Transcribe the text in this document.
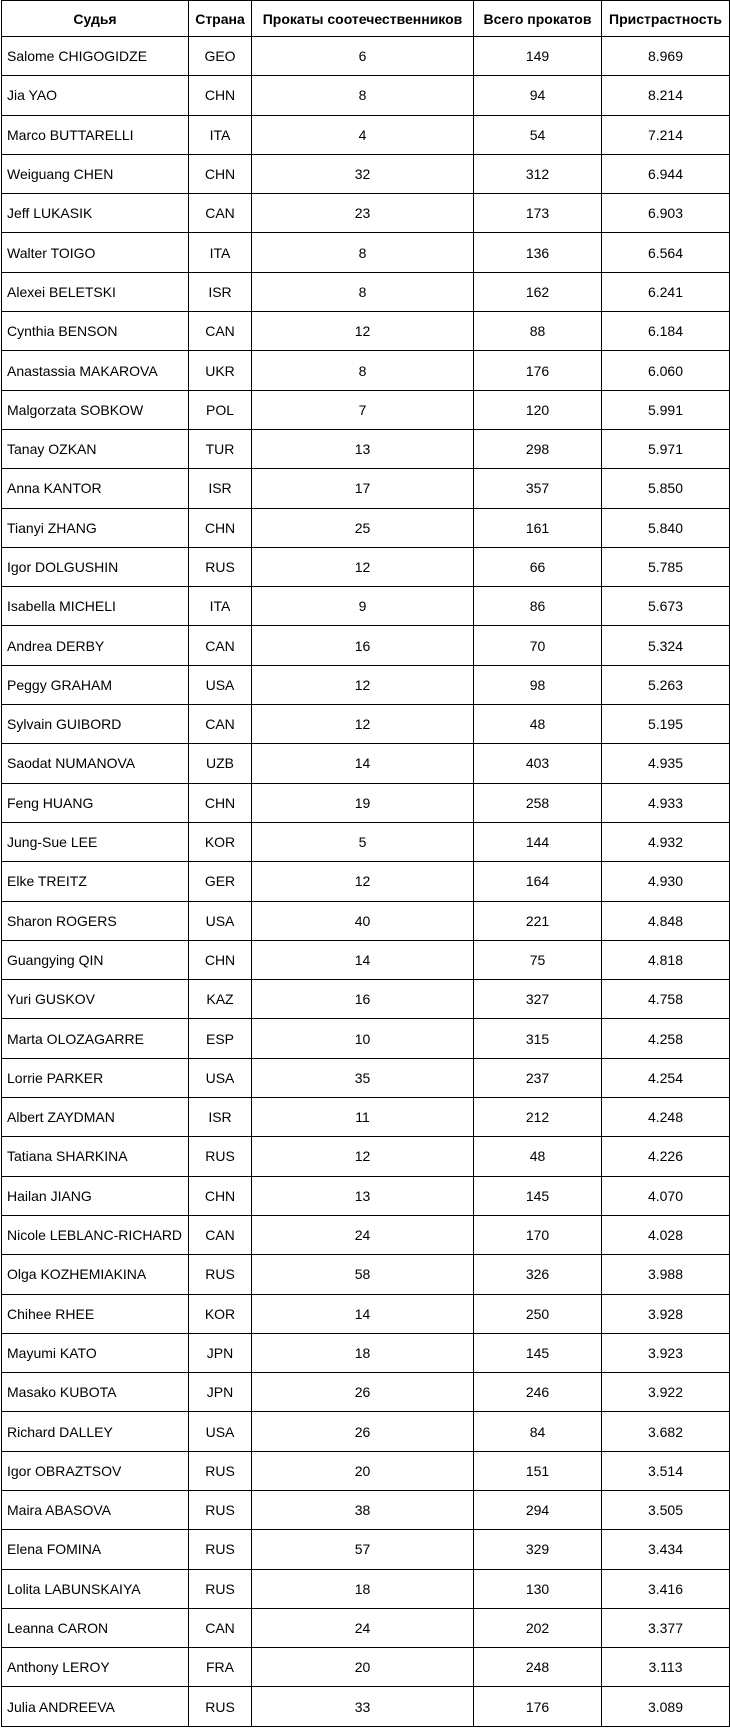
Судья	Страна	Прокаты соотечественников	Всего прокатов	Пристрастность
Salome CHIGOGIDZE	GEO	6	149	8.969
Jia YAO	CHN	8	94	8.214
Marco BUTTARELLI	ITA	4	54	7.214
Weiguang CHEN	CHN	32	312	6.944
Jeff LUKASIK	CAN	23	173	6.903
Walter TOIGO	ITA	8	136	6.564
Alexei BELETSKI	ISR	8	162	6.241
Cynthia BENSON	CAN	12	88	6.184
Anastassia MAKAROVA	UKR	8	176	6.060
Malgorzata SOBKOW	POL	7	120	5.991
Tanay OZKAN	TUR	13	298	5.971
Anna KANTOR	ISR	17	357	5.850
Tianyi ZHANG	CHN	25	161	5.840
Igor DOLGUSHIN	RUS	12	66	5.785
Isabella MICHELI	ITA	9	86	5.673
Andrea DERBY	CAN	16	70	5.324
Peggy GRAHAM	USA	12	98	5.263
Sylvain GUIBORD	CAN	12	48	5.195
Saodat NUMANOVA	UZB	14	403	4.935
Feng HUANG	CHN	19	258	4.933
Jung-Sue LEE	KOR	5	144	4.932
Elke TREITZ	GER	12	164	4.930
Sharon ROGERS	USA	40	221	4.848
Guangying QIN	CHN	14	75	4.818
Yuri GUSKOV	KAZ	16	327	4.758
Marta OLOZAGARRE	ESP	10	315	4.258
Lorrie PARKER	USA	35	237	4.254
Albert ZAYDMAN	ISR	11	212	4.248
Tatiana SHARKINA	RUS	12	48	4.226
Hailan JIANG	CHN	13	145	4.070
Nicole LEBLANC-RICHARD	CAN	24	170	4.028
Olga KOZHEMIAKINA	RUS	58	326	3.988
Chihee RHEE	KOR	14	250	3.928
Mayumi KATO	JPN	18	145	3.923
Masako KUBOTA	JPN	26	246	3.922
Richard DALLEY	USA	26	84	3.682
Igor OBRAZTSOV	RUS	20	151	3.514
Maira ABASOVA	RUS	38	294	3.505
Elena FOMINA	RUS	57	329	3.434
Lolita LABUNSKAIYA	RUS	18	130	3.416
Leanna CARON	CAN	24	202	3.377
Anthony LEROY	FRA	20	248	3.113
Julia ANDREEVA	RUS	33	176	3.089
